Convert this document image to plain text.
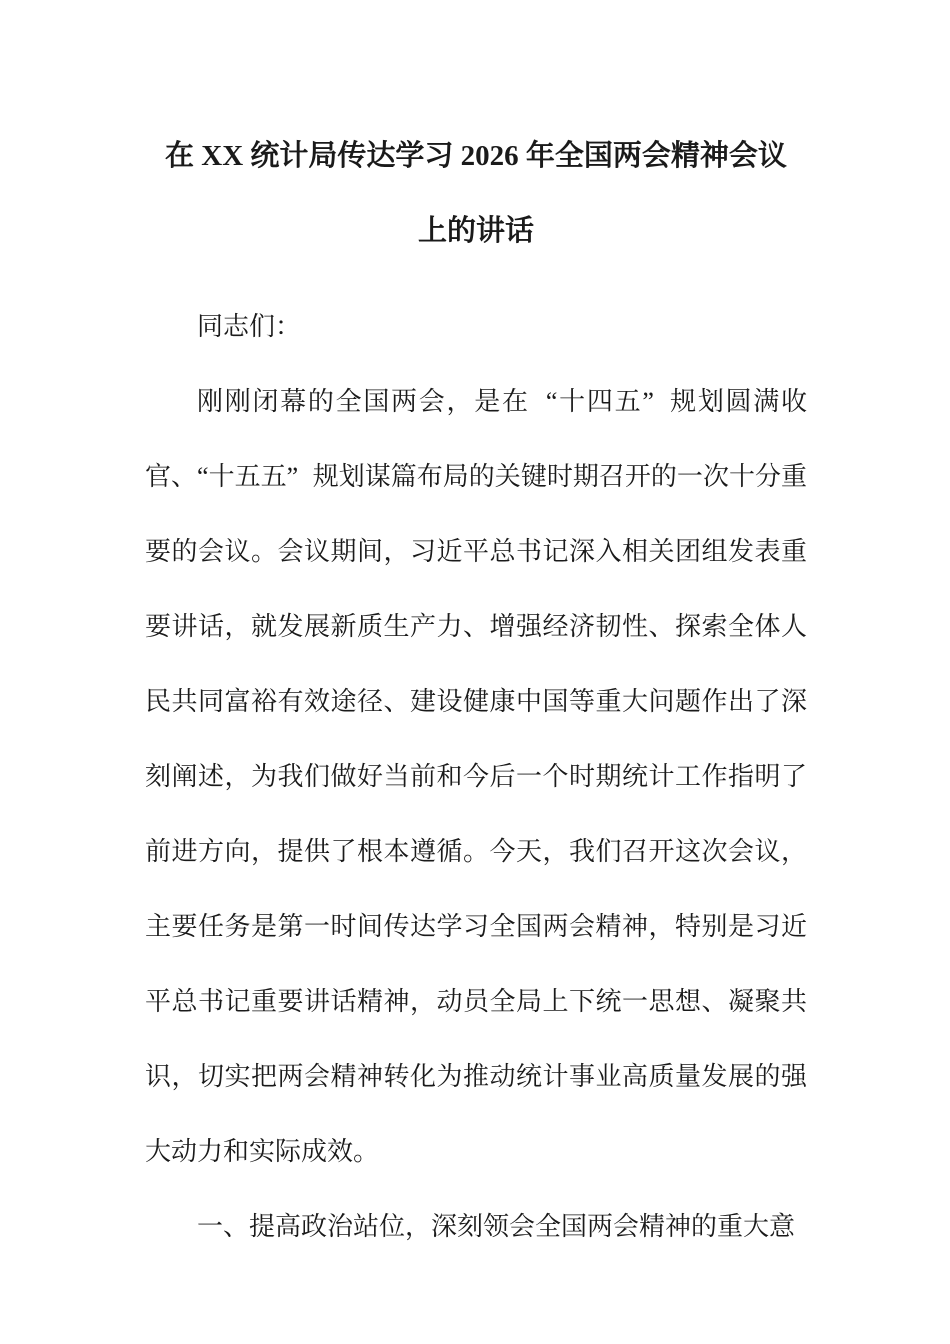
在 XX 统计局传达学习 2026 年全国两会精神会议
上的讲话

同志们：

刚刚闭幕的全国两会，是在 “十四五” 规划圆满收官、“十五五” 规划谋篇布局的关键时期召开的一次十分重要的会议。会议期间，习近平总书记深入相关团组发表重要讲话，就发展新质生产力、增强经济韧性、探索全体人民共同富裕有效途径、建设健康中国等重大问题作出了深刻阐述，为我们做好当前和今后一个时期统计工作指明了前进方向，提供了根本遵循。今天，我们召开这次会议，主要任务是第一时间传达学习全国两会精神，特别是习近平总书记重要讲话精神，动员全局上下统一思想、凝聚共识，切实把两会精神转化为推动统计事业高质量发展的强大动力和实际成效。

一、提高政治站位，深刻领会全国两会精神的重大意
